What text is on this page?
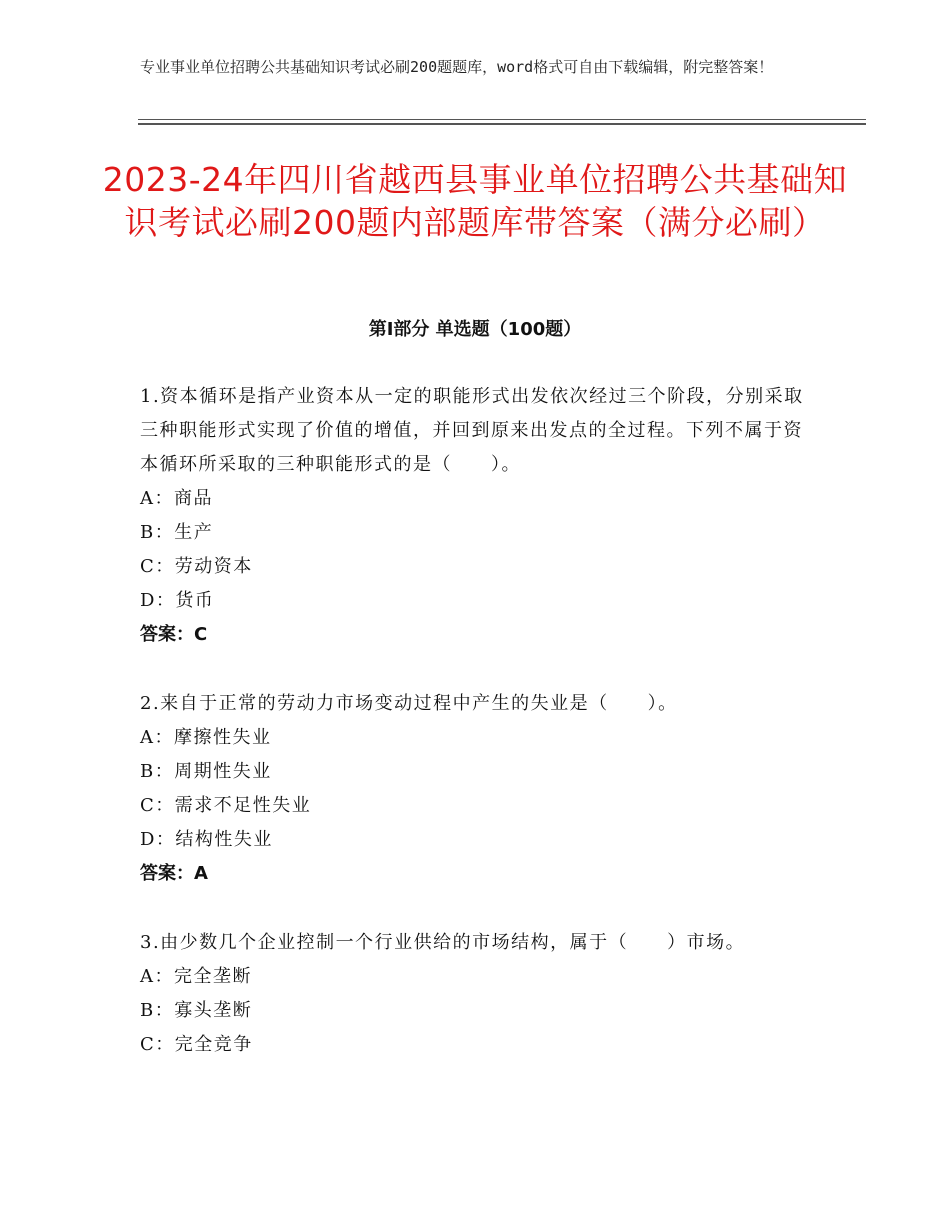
专业事业单位招聘公共基础知识考试必刷200题题库，word格式可自由下载编辑，附完整答案！
2023-24年四川省越西县事业单位招聘公共基础知识考试必刷200题内部题库带答案（满分必刷）
第Ⅰ部分 单选题（100题）
1.资本循环是指产业资本从一定的职能形式出发依次经过三个阶段，分别采取三种职能形式实现了价值的增值，并回到原来出发点的全过程。下列不属于资本循环所采取的三种职能形式的是（　　）。
A：商品
B：生产
C：劳动资本
D：货币
答案：C
2.来自于正常的劳动力市场变动过程中产生的失业是（　　）。
A：摩擦性失业
B：周期性失业
C：需求不足性失业
D：结构性失业
答案：A
3.由少数几个企业控制一个行业供给的市场结构，属于（　　）市场。
A：完全垄断
B：寡头垄断
C：完全竞争
